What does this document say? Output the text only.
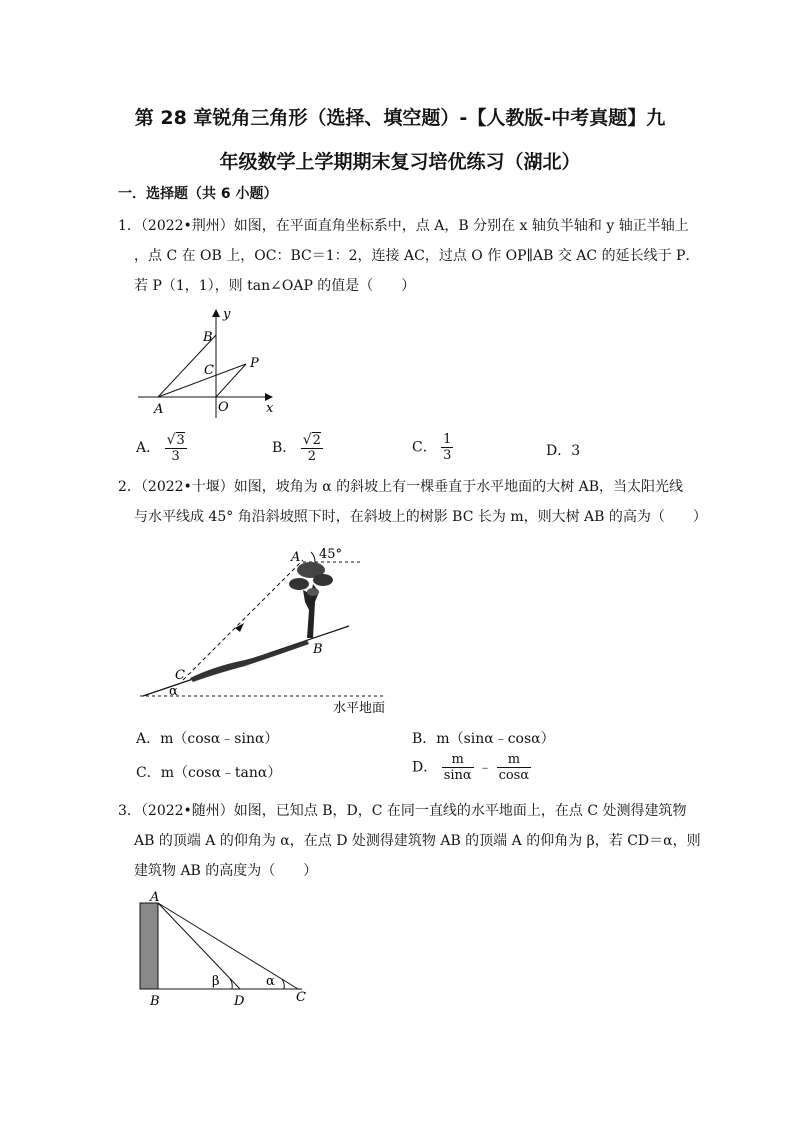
第 28 章锐角三角形（选择、填空题）-【人教版-中考真题】九
年级数学上学期期末复习培优练习（湖北）
一．选择题（共 6 小题）
1．（2022•荆州）如图，在平面直角坐标系中，点 A，B 分别在 x 轴负半轴和 y 轴正半轴上
，点 C 在 OB 上，OC：BC＝1：2，连接 AC，过点 O 作 OP∥AB 交 AC 的延长线于 P．
若 P（1，1），则 tan∠OAP 的值是（　　）
y
B
C	P
A	O	x
A． $\frac{√3}{3}$	B． $\frac{√2}{2}$	C． $\frac{1}{3}$	D．3
2．（2022•十堰）如图，坡角为 α 的斜坡上有一棵垂直于水平地面的大树 AB，当太阳光线
与水平线成 45° 角沿斜坡照下时，在斜坡上的树影 BC 长为 m，则大树 AB 的高为（　　）
A 45°
B
C
α
水平地面
A．m（cosα﹣sinα）	B．m（sinα﹣cosα）
C．m（cosα﹣tanα）	D． $\frac{m}{\sin\alpha}$ ﹣ $\frac{m}{\cos\alpha}$
3．（2022•随州）如图，已知点 B，D，C 在同一直线的水平地面上，在点 C 处测得建筑物
AB 的顶端 A 的仰角为 α，在点 D 处测得建筑物 AB 的顶端 A 的仰角为 β，若 CD＝α，则
建筑物 AB 的高度为（　　）
A
B	D	C
β	α
